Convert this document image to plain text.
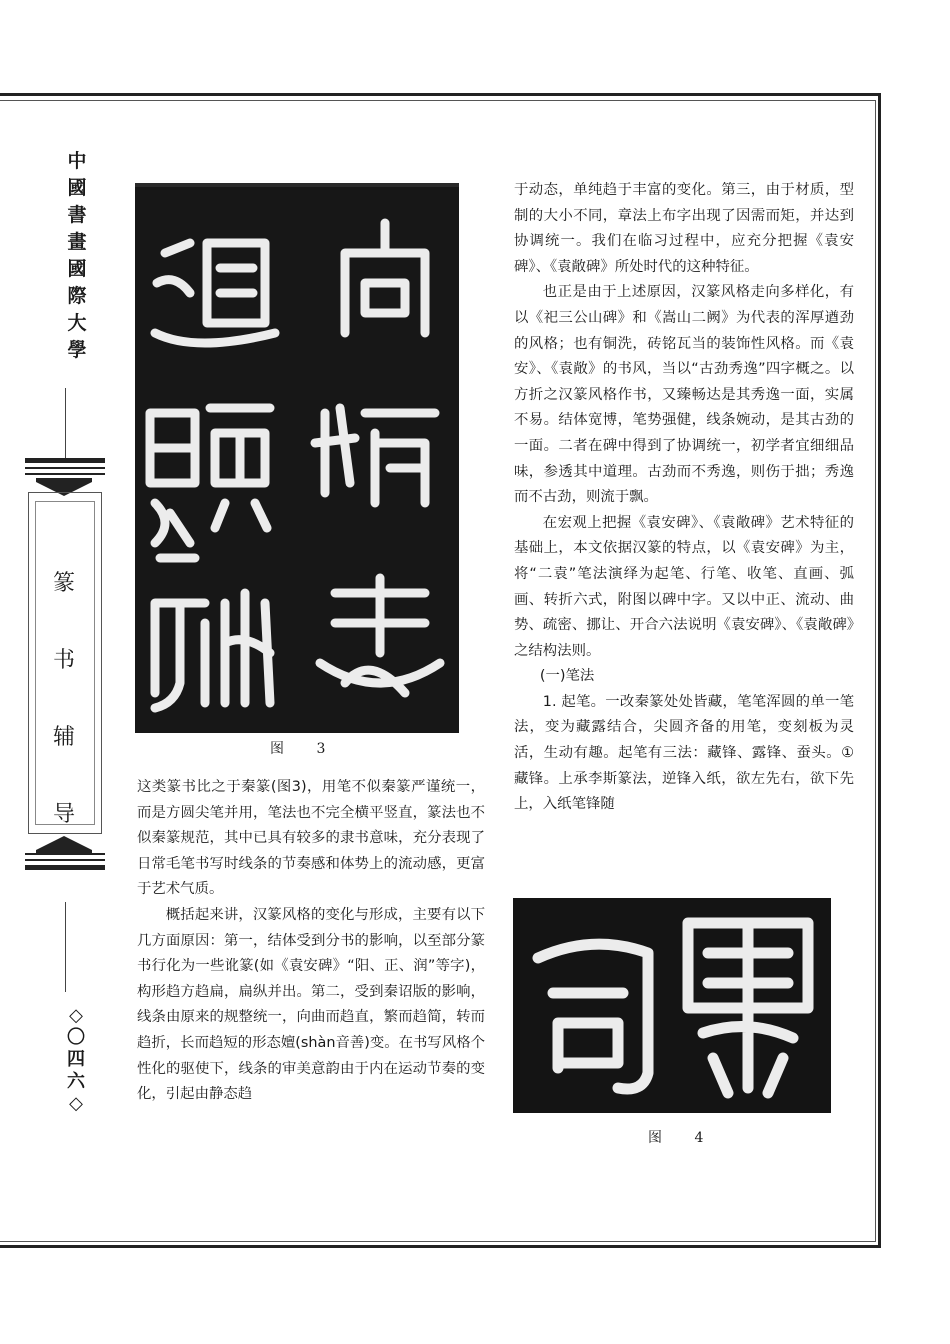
中
國
書
畫
國
際
大
學
篆
书
辅
导
◇
〇
四
六
◇
图 3

这类篆书比之于秦篆(图3)，用笔不似秦篆严谨统一，而是方圆尖笔并用，笔法也不完全横平竖直，篆法也不似秦篆规范，其中已具有较多的隶书意味，充分表现了日常毛笔书写时线条的节奏感和体势上的流动感，更富于艺术气质。

概括起来讲，汉篆风格的变化与形成，主要有以下几方面原因：第一，结体受到分书的影响，以至部分篆书行化为一些讹篆(如《袁安碑》“阳、正、润”等字)，构形趋方趋扁，扁纵并出。第二，受到秦诏版的影响，线条由原来的规整统一，向曲而趋直，繁而趋简，转而趋折，长而趋短的形态嬗(shàn音善)变。在书写风格个性化的驱使下，线条的审美意韵由于内在运动节奏的变化，引起由静态趋

于动态，单纯趋于丰富的变化。第三，由于材质，型制的大小不同，章法上布字出现了因需而矩，并达到协调统一。我们在临习过程中，应充分把握《袁安碑》、《袁敞碑》所处时代的这种特征。

也正是由于上述原因，汉篆风格走向多样化，有以《祀三公山碑》和《嵩山二阙》为代表的浑厚遒劲的风格；也有铜洗，砖铭瓦当的装饰性风格。而《袁安》、《袁敞》的书风，当以“古劲秀逸”四字概之。以方折之汉篆风格作书，又臻畅达是其秀逸一面，实属不易。结体宽博，笔势强健，线条婉动，是其古劲的一面。二者在碑中得到了协调统一，初学者宜细细品味，参透其中道理。古劲而不秀逸，则伤于拙；秀逸而不古劲，则流于飘。

在宏观上把握《袁安碑》、《袁敞碑》艺术特征的基础上，本文依据汉篆的特点，以《袁安碑》为主，将“二袁”笔法演绎为起笔、行笔、收笔、直画、弧画、转折六式，附图以碑中字。又以中正、流动、曲势、疏密、挪让、开合六法说明《袁安碑》、《袁敞碑》之结构法则。

(一)笔法

1. 起笔。一改秦篆处处皆藏，笔笔浑圆的单一笔法，变为藏露结合，尖圆齐备的用笔，变刻板为灵活，生动有趣。起笔有三法：藏锋、露锋、蚕头。①藏锋。上承李斯篆法，逆锋入纸，欲左先右，欲下先上，入纸笔锋随

图 4
